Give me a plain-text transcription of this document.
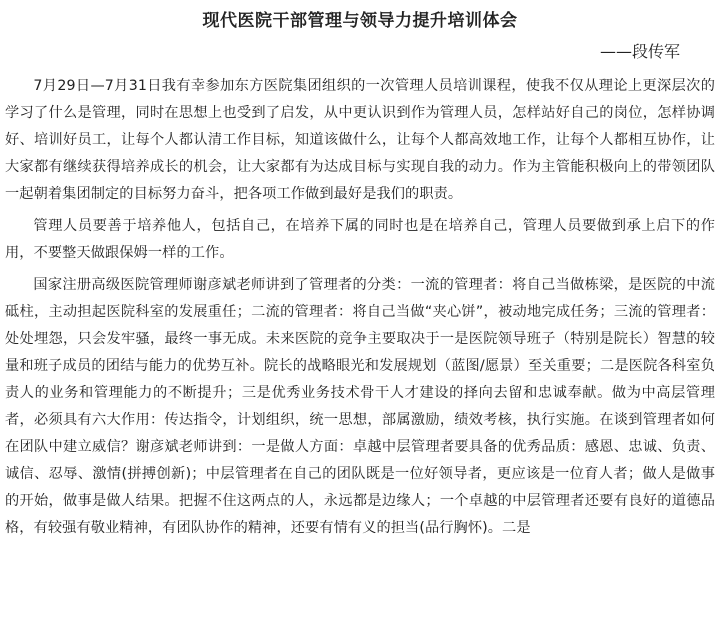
现代医院干部管理与领导力提升培训体会
——段传军

7月29日—7月31日我有幸参加东方医院集团组织的一次管理人员培训课程，使我不仅从理论上更深层次的学习了什么是管理，同时在思想上也受到了启发，从中更认识到作为管理人员，怎样站好自己的岗位，怎样协调好、培训好员工，让每个人都认清工作目标，知道该做什么，让每个人都高效地工作，让每个人都相互协作，让大家都有继续获得培养成长的机会，让大家都有为达成目标与实现自我的动力。作为主管能积极向上的带领团队一起朝着集团制定的目标努力奋斗，把各项工作做到最好是我们的职责。

管理人员要善于培养他人，包括自己，在培养下属的同时也是在培养自己，管理人员要做到承上启下的作用，不要整天做跟保姆一样的工作。

国家注册高级医院管理师谢彦斌老师讲到了管理者的分类：一流的管理者：将自己当做栋梁，是医院的中流砥柱，主动担起医院科室的发展重任；二流的管理者：将自己当做“夹心饼”，被动地完成任务；三流的管理者：处处埋怨，只会发牢骚，最终一事无成。未来医院的竞争主要取决于一是医院领导班子（特别是院长）智慧的较量和班子成员的团结与能力的优势互补。院长的战略眼光和发展规划（蓝图/愿景）至关重要；二是医院各科室负责人的业务和管理能力的不断提升；三是优秀业务技术骨干人才建设的择向去留和忠诚奉献。做为中高层管理者，必须具有六大作用：传达指令，计划组织，统一思想，部属激励，绩效考核，执行实施。在谈到管理者如何在团队中建立威信？谢彦斌老师讲到：一是做人方面：卓越中层管理者要具备的优秀品质：感恩、忠诚、负责、诚信、忍辱、激情(拼搏创新)；中层管理者在自己的团队既是一位好领导者，更应该是一位育人者；做人是做事的开始，做事是做人结果。把握不住这两点的人，永远都是边缘人；一个卓越的中层管理者还要有良好的道德品格，有较强有敬业精神，有团队协作的精神，还要有情有义的担当(品行胸怀)。二是
